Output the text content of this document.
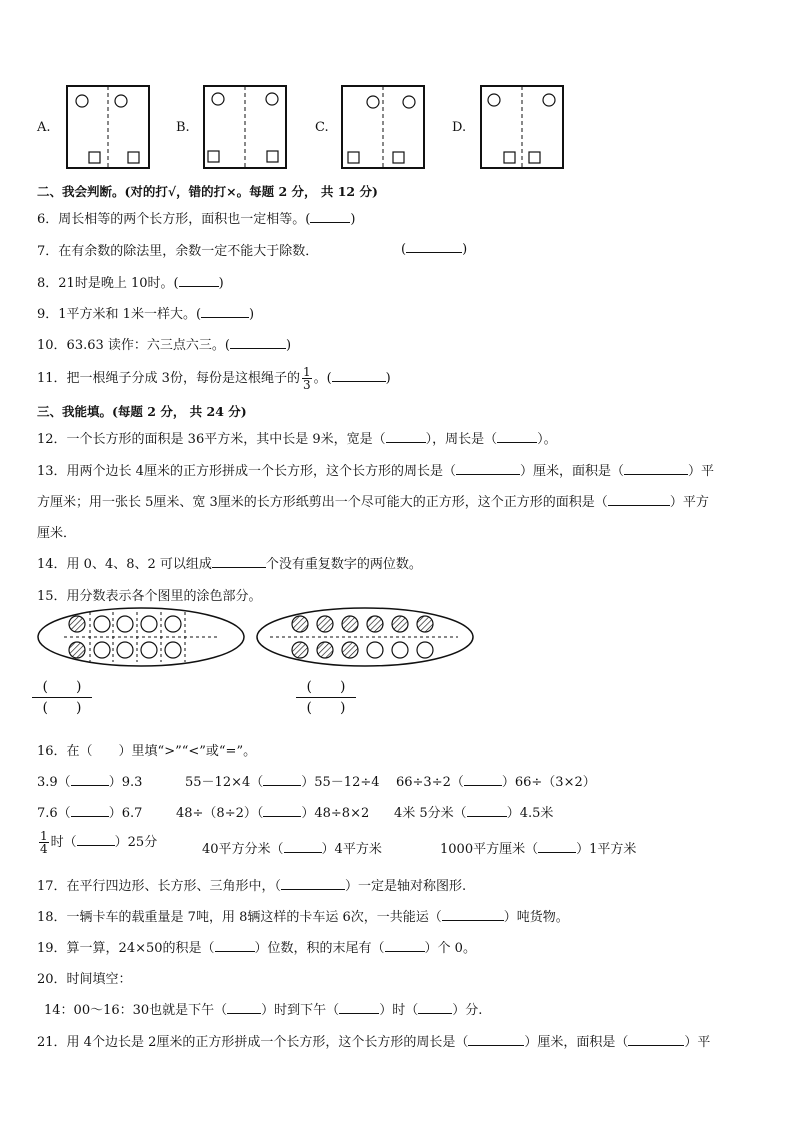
A.	B.	C.	D.
二、我会判断。(对的打√，错的打×。每题 2 分， 共 12 分)
6．周长相等的两个长方形，面积也一定相等。(	)
7．在有余数的除法里，余数一定不能大于除数．	(	)
8．21时是晚上 10时。(	)
9．1平方米和 1米一样大。(	)
10．63.63 读作：六三点六三。(	)
11．把一根绳子分成 3份，每份是这根绳子的 $\frac{1}{3}$ 。(	)
三、我能填。(每题 2 分， 共 24 分)
12．一个长方形的面积是 36平方米，其中长是 9米，宽是（	），周长是（	）。
13．用两个边长 4厘米的正方形拼成一个长方形，这个长方形的周长是（	）厘米，面积是（	）平
方厘米；用一张长 5厘米、宽 3厘米的长方形纸剪出一个尽可能大的正方形，这个正方形的面积是（	）平方
厘米．
14．用 0、4、8、2 可以组成	个没有重复数字的两位数。
15．用分数表示各个图里的涂色部分。
(　　)
(　　)
(　　)
(　　)
16．在（　　）里填“>”“<”或“=”。
3.9（	）9.3	55－12×4（	）55－12÷4 66÷3÷2（	）66÷（3×2）
7.6（	）6.7	48÷（8÷2）（	）48÷8×2 4米 5分米（	）4.5米
$\frac{1}{4}$ 时（	）25分	40平方分米（	）4平方米	1000平方厘米（	）1平方米
17．在平行四边形、长方形、三角形中，（	）一定是轴对称图形.
18．一辆卡车的载重量是 7吨，用 8辆这样的卡车运 6次，一共能运（	）吨货物。
19．算一算，24×50的积是（	）位数，积的末尾有（	）个 0。
20．时间填空：
14：00～16：30也就是下午（	）时到下午（	）时（	）分.
21．用 4个边长是 2厘米的正方形拼成一个长方形，这个长方形的周长是（	）厘米，面积是（	）平
